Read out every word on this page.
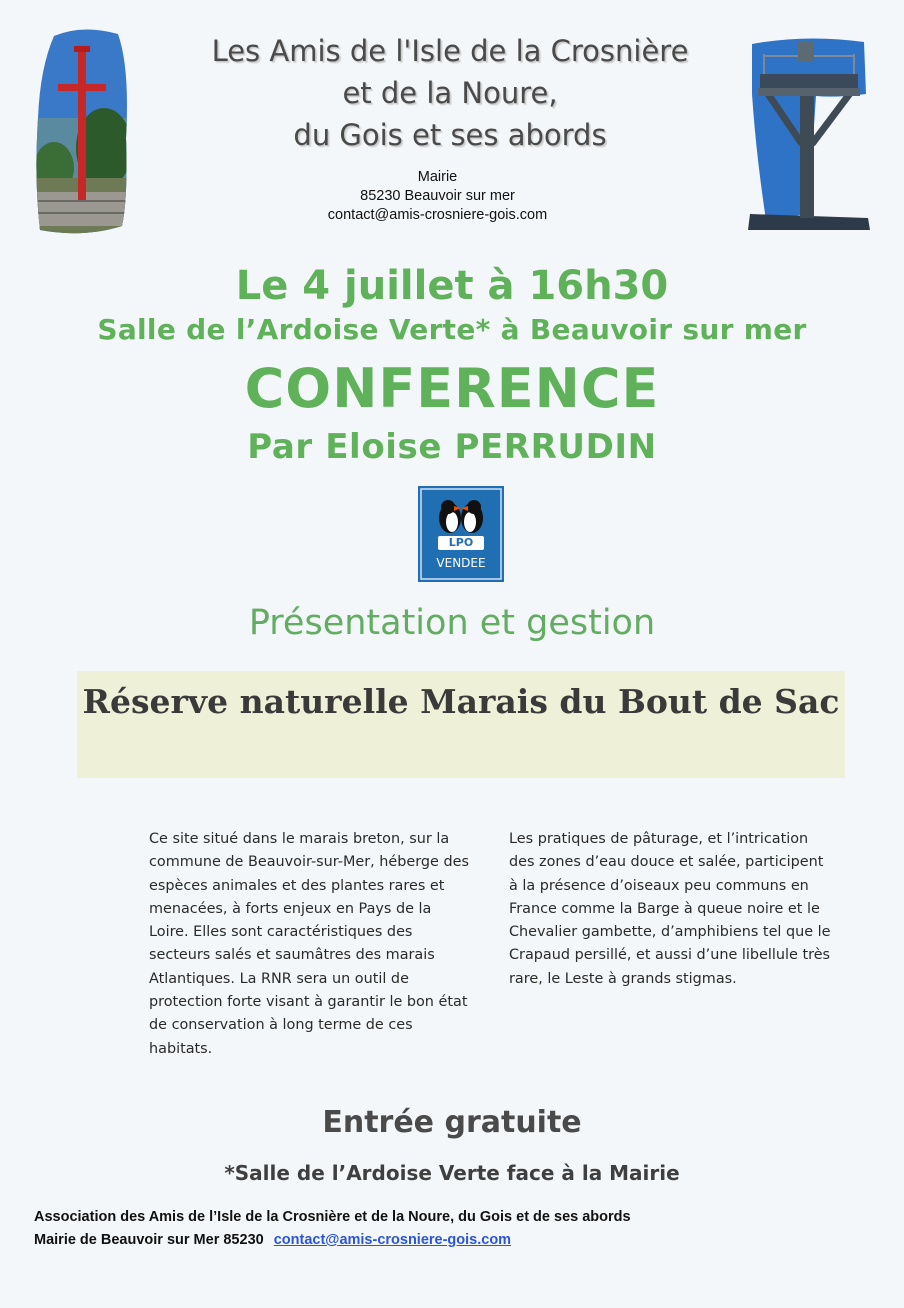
Les Amis de l'Isle de la Crosnière
et de la Noure,
du Gois et ses abords
Mairie
85230 Beauvoir sur mer
contact@amis-crosniere-gois.com
Le 4 juillet à 16h30
Salle de l’Ardoise Verte* à Beauvoir sur mer
CONFERENCE
Par Eloise PERRUDIN
LPO
VENDEE
Présentation et gestion
Réserve naturelle Marais du Bout de Sac
Ce site situé dans le marais breton, sur la commune de Beauvoir-sur-Mer, héberge des espèces animales et des plantes rares et menacées, à forts enjeux en Pays de la Loire. Elles sont caractéristiques des secteurs salés et saumâtres des marais Atlantiques. La RNR sera un outil de protection forte visant à garantir le bon état de conservation à long terme de ces habitats.
Les pratiques de pâturage, et l’intrication des zones d’eau douce et salée, participent à la présence d’oiseaux peu communs en France comme la Barge à queue noire et le Chevalier gambette, d’amphibiens tel que le Crapaud persillé, et aussi d’une libellule très rare, le Leste à grands stigmas.
Entrée gratuite
*Salle de l’Ardoise Verte face à la Mairie
Association des Amis de l’Isle de la Crosnière et de la Noure, du Gois et de ses abords
Mairie de Beauvoir sur Mer 85230 contact@amis-crosniere-gois.com
